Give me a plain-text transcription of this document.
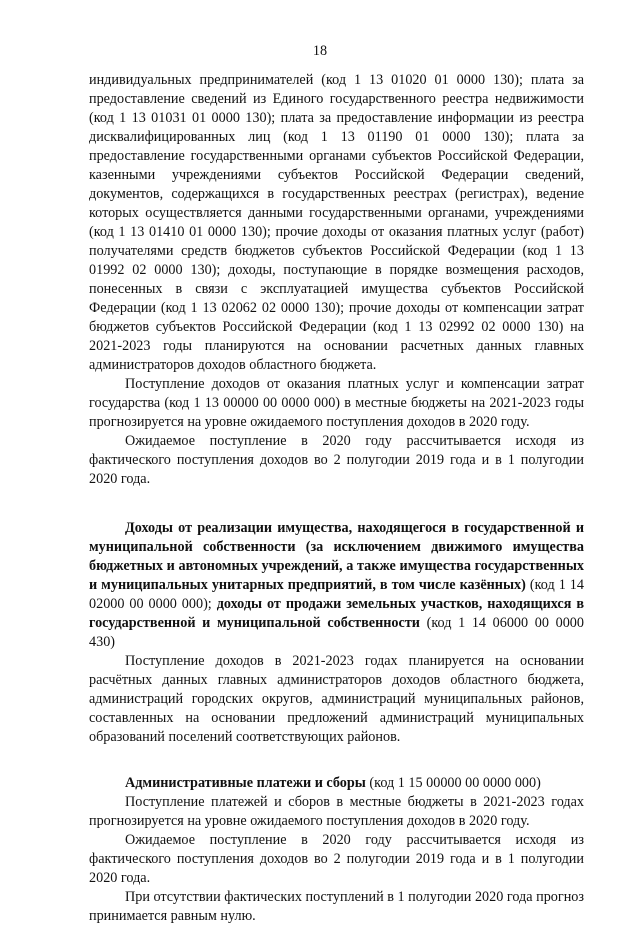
18

индивидуальных предпринимателей (код 1 13 01020 01 0000 130); плата за предоставление сведений из Единого государственного реестра недвижимости (код 1 13 01031 01 0000 130); плата за предоставление информации из реестра дисквалифицированных лиц (код 1 13 01190 01 0000 130); плата за предоставление государственными органами субъектов Российской Федерации, казенными учреждениями субъектов Российской Федерации сведений, документов, содержащихся в государственных реестрах (регистрах), ведение которых осуществляется данными государственными органами, учреждениями (код 1 13 01410 01 0000 130); прочие доходы от оказания платных услуг (работ) получателями средств бюджетов субъектов Российской Федерации (код 1 13 01992 02 0000 130); доходы, поступающие в порядке возмещения расходов, понесенных в связи с эксплуатацией имущества субъектов Российской Федерации (код 1 13 02062 02 0000 130); прочие доходы от компенсации затрат бюджетов субъектов Российской Федерации (код 1 13 02992 02 0000 130) на 2021-2023 годы планируются на основании расчетных данных главных администраторов доходов областного бюджета.

Поступление доходов от оказания платных услуг и компенсации затрат государства (код 1 13 00000 00 0000 000) в местные бюджеты на 2021-2023 годы прогнозируется на уровне ожидаемого поступления доходов в 2020 году.

Ожидаемое поступление в 2020 году рассчитывается исходя из фактического поступления доходов во 2 полугодии 2019 года и в 1 полугодии 2020 года.

Доходы от реализации имущества, находящегося в государственной и муниципальной собственности (за исключением движимого имущества бюджетных и автономных учреждений, а также имущества государственных и муниципальных унитарных предприятий, в том числе казённых) (код 1 14 02000 00 0000 000); доходы от продажи земельных участков, находящихся в государственной и муниципальной собственности (код 1 14 06000 00 0000 430)

Поступление доходов в 2021-2023 годах планируется на основании расчётных данных главных администраторов доходов областного бюджета, администраций городских округов, администраций муниципальных районов, составленных на основании предложений администраций муниципальных образований поселений соответствующих районов.

Административные платежи и сборы (код 1 15 00000 00 0000 000)

Поступление платежей и сборов в местные бюджеты в 2021-2023 годах прогнозируется на уровне ожидаемого поступления доходов в 2020 году.

Ожидаемое поступление в 2020 году рассчитывается исходя из фактического поступления доходов во 2 полугодии 2019 года и в 1 полугодии 2020 года.

При отсутствии фактических поступлений в 1 полугодии 2020 года прогноз принимается равным нулю.
